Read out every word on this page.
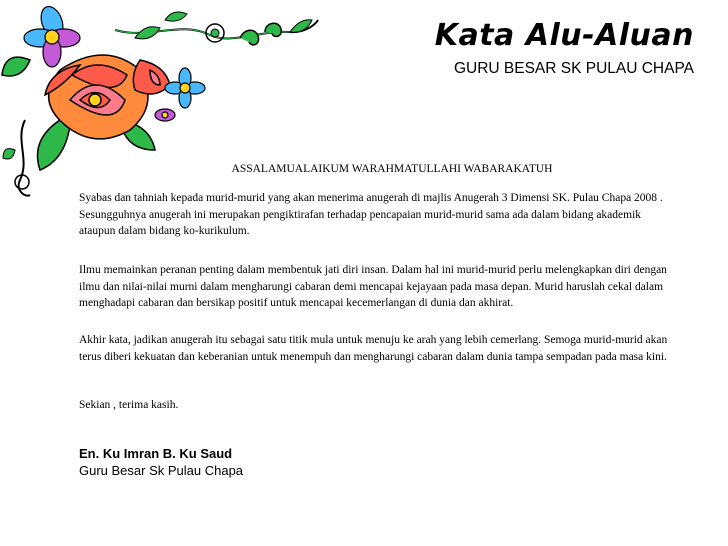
Kata Alu-Aluan
GURU BESAR SK PULAU CHAPA
ASSALAMUALAIKUM WARAHMATULLAHI WABARAKATUH

Syabas dan tahniah kepada murid-murid yang akan menerima anugerah di majlis Anugerah 3 Dimensi SK. Pulau Chapa 2008 . Sesungguhnya anugerah ini merupakan pengiktirafan terhadap pencapaian murid-murid sama ada dalam bidang akademik ataupun dalam bidang ko-kurikulum.

Ilmu memainkan peranan penting dalam membentuk jati diri insan. Dalam hal ini murid-murid perlu melengkapkan diri dengan ilmu dan nilai-nilai murni dalam mengharungi cabaran demi mencapai kejayaan pada masa depan. Murid haruslah cekal dalam menghadapi cabaran dan bersikap positif untuk mencapai kecemerlangan di dunia dan akhirat.

Akhir kata, jadikan anugerah itu sebagai satu titik mula untuk menuju ke arah yang lebih cemerlang. Semoga murid-murid akan terus diberi kekuatan dan keberanian untuk menempuh dan mengharungi cabaran dalam dunia tampa sempadan pada masa kini.

Sekian , terima kasih.

En. Ku Imran B. Ku Saud
Guru Besar Sk Pulau Chapa
